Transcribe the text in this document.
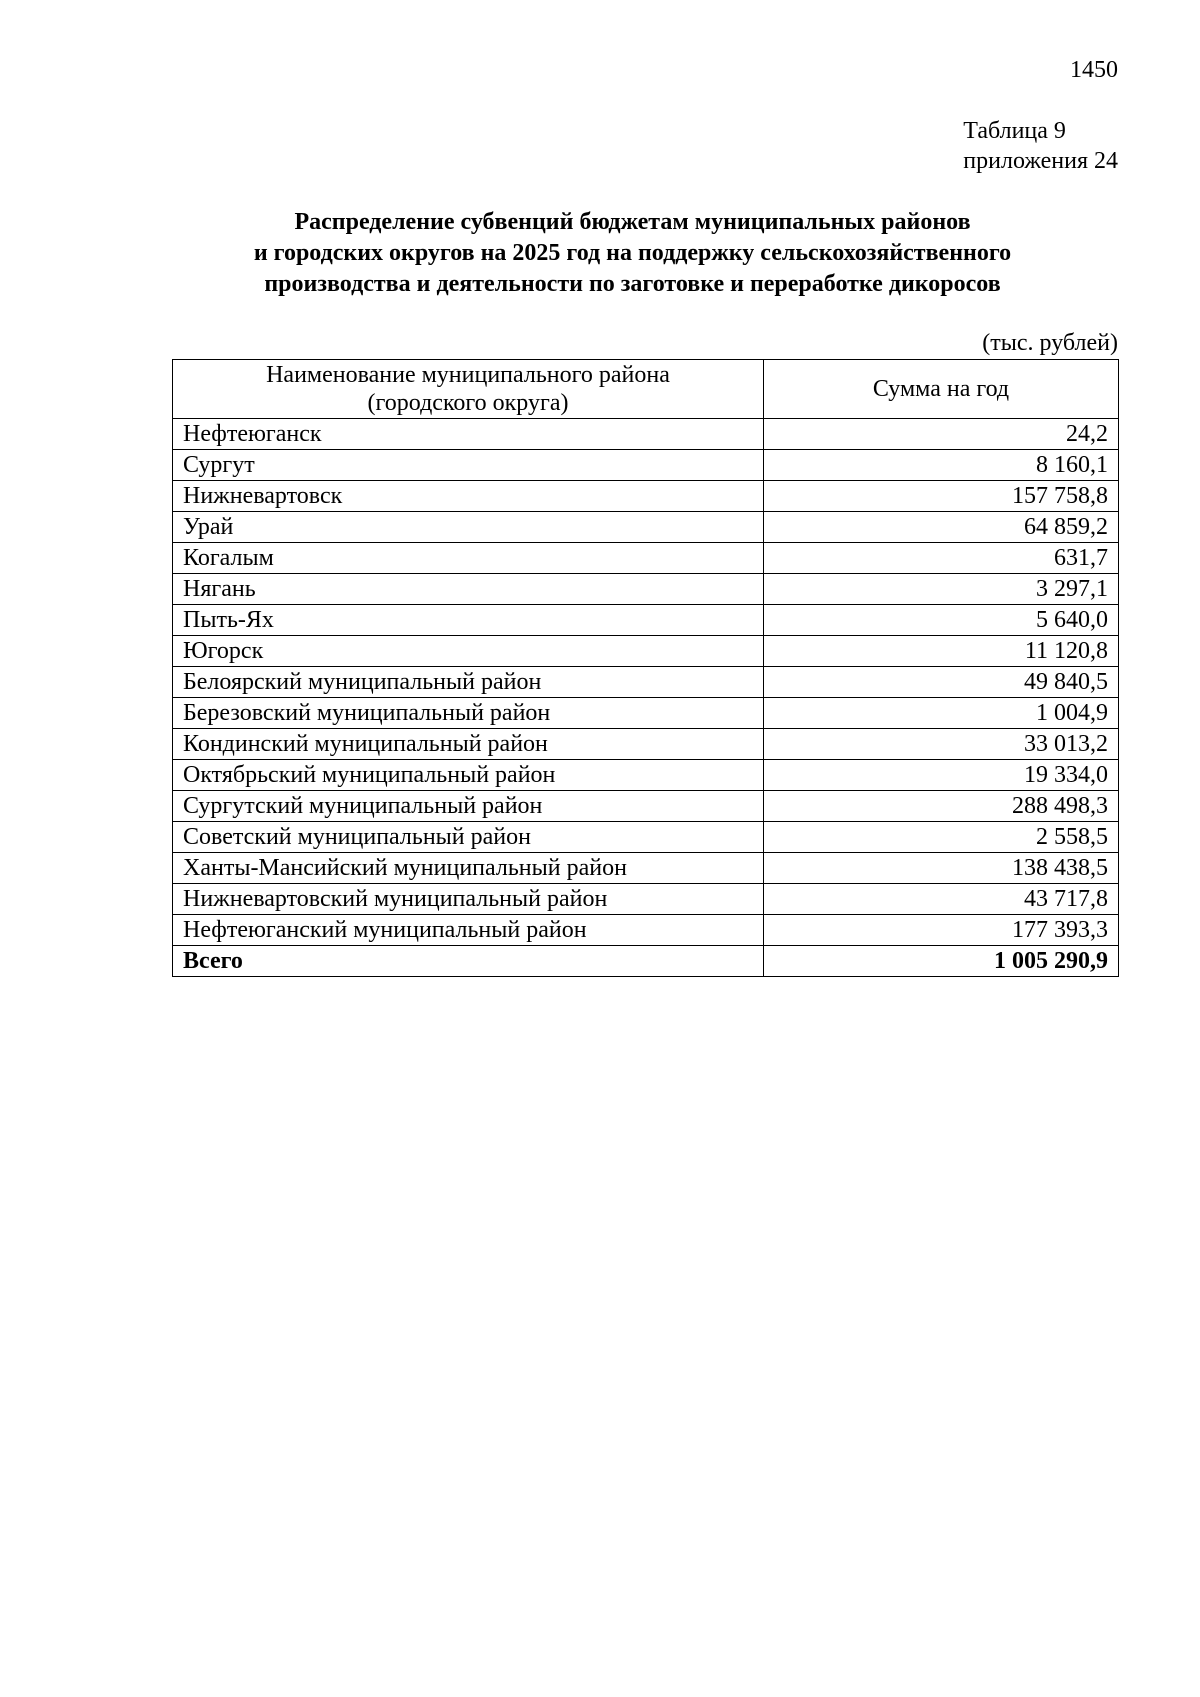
1450
Таблица 9
приложения 24
Распределение субвенций бюджетам муниципальных районов
и городских округов на 2025 год на поддержку сельскохозяйственного
производства и деятельности по заготовке и переработке дикоросов
(тыс. рублей)
Наименование муниципального района
(городского округа)	Сумма на год
Нефтеюганск	24,2
Сургут	8 160,1
Нижневартовск	157 758,8
Урай	64 859,2
Когалым	631,7
Нягань	3 297,1
Пыть-Ях	5 640,0
Югорск	11 120,8
Белоярский муниципальный район	49 840,5
Березовский муниципальный район	1 004,9
Кондинский муниципальный район	33 013,2
Октябрьский муниципальный район	19 334,0
Сургутский муниципальный район	288 498,3
Советский муниципальный район	2 558,5
Ханты-Мансийский муниципальный район	138 438,5
Нижневартовский муниципальный район	43 717,8
Нефтеюганский муниципальный район	177 393,3
Всего	1 005 290,9
